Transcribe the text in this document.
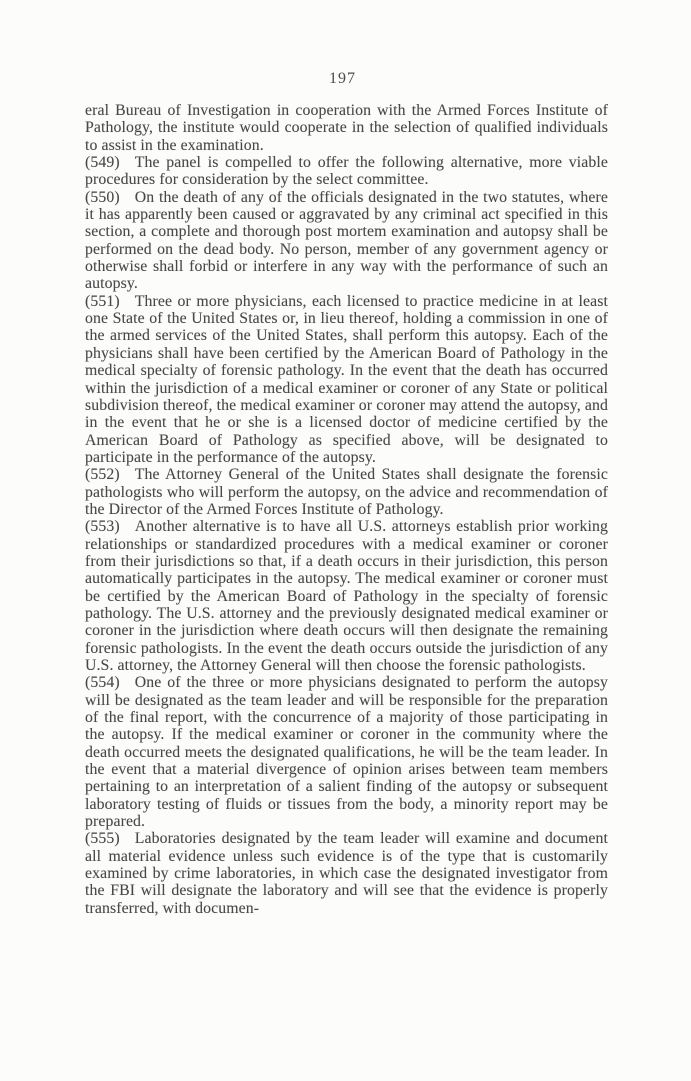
197

eral Bureau of Investigation in cooperation with the Armed Forces Institute of Pathology, the institute would cooperate in the selection of qualified individuals to assist in the examination.

(549) The panel is compelled to offer the following alternative, more viable procedures for consideration by the select committee.

(550) On the death of any of the officials designated in the two statutes, where it has apparently been caused or aggravated by any criminal act specified in this section, a complete and thorough post mortem examination and autopsy shall be performed on the dead body. No person, member of any government agency or otherwise shall forbid or interfere in any way with the performance of such an autopsy.

(551) Three or more physicians, each licensed to practice medicine in at least one State of the United States or, in lieu thereof, holding a commission in one of the armed services of the United States, shall perform this autopsy. Each of the physicians shall have been certified by the American Board of Pathology in the medical specialty of forensic pathology. In the event that the death has occurred within the jurisdiction of a medical examiner or coroner of any State or political subdivision thereof, the medical examiner or coroner may attend the autopsy, and in the event that he or she is a licensed doctor of medicine certified by the American Board of Pathology as specified above, will be designated to participate in the performance of the autopsy.

(552) The Attorney General of the United States shall designate the forensic pathologists who will perform the autopsy, on the advice and recommendation of the Director of the Armed Forces Institute of Pathology.

(553) Another alternative is to have all U.S. attorneys establish prior working relationships or standardized procedures with a medical examiner or coroner from their jurisdictions so that, if a death occurs in their jurisdiction, this person automatically participates in the autopsy. The medical examiner or coroner must be certified by the American Board of Pathology in the specialty of forensic pathology. The U.S. attorney and the previously designated medical examiner or coroner in the jurisdiction where death occurs will then designate the remaining forensic pathologists. In the event the death occurs outside the jurisdiction of any U.S. attorney, the Attorney General will then choose the forensic pathologists.

(554) One of the three or more physicians designated to perform the autopsy will be designated as the team leader and will be responsible for the preparation of the final report, with the concurrence of a majority of those participating in the autopsy. If the medical examiner or coroner in the community where the death occurred meets the designated qualifications, he will be the team leader. In the event that a material divergence of opinion arises between team members pertaining to an interpretation of a salient finding of the autopsy or subsequent laboratory testing of fluids or tissues from the body, a minority report may be prepared.

(555) Laboratories designated by the team leader will examine and document all material evidence unless such evidence is of the type that is customarily examined by crime laboratories, in which case the designated investigator from the FBI will designate the laboratory and will see that the evidence is properly transferred, with documen-
